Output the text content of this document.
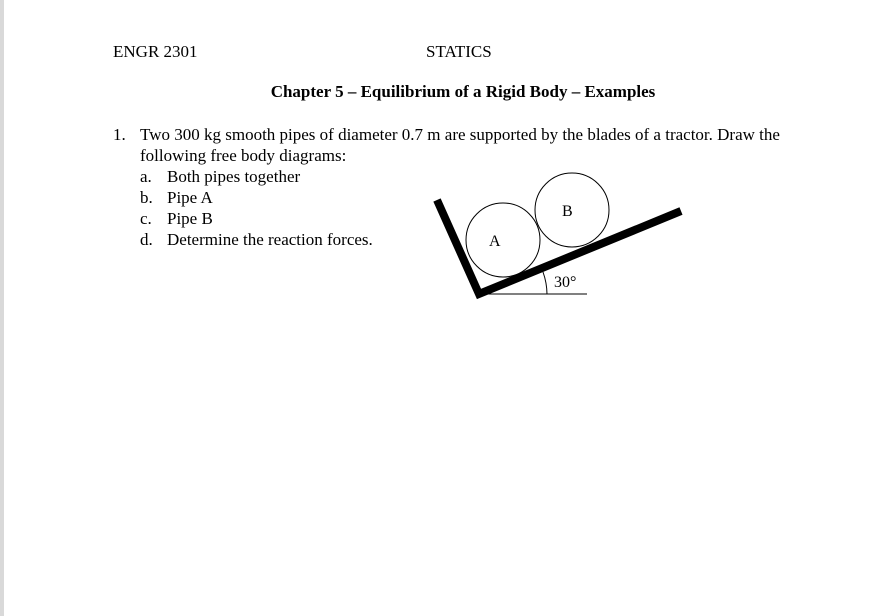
ENGR 2301	STATICS
Chapter 5 – Equilibrium of a Rigid Body – Examples
1. Two 300 kg smooth pipes of diameter 0.7 m are supported by the blades of a tractor. Draw the following free body diagrams:
a. Both pipes together
b. Pipe A
c. Pipe B
d. Determine the reaction forces.	A
B
30°
